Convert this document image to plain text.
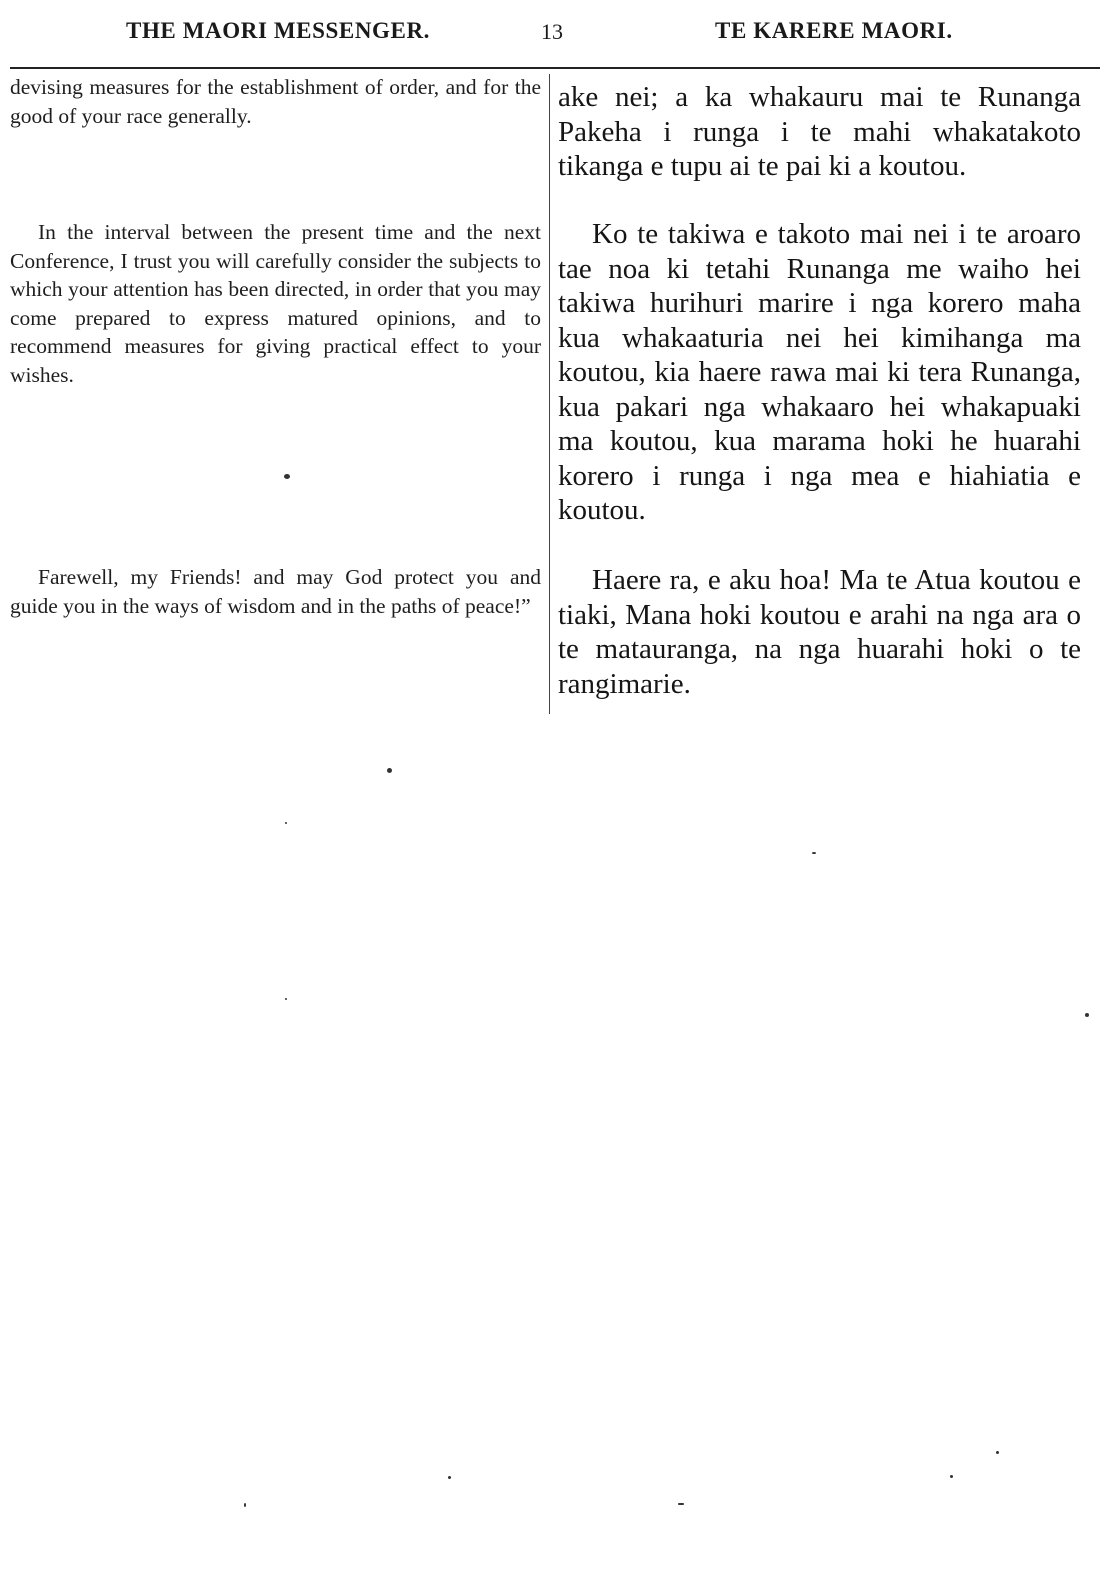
THE MAORI MESSENGER.	13	TE KARERE MAORI.

devising measures for the establishment of order, and for the good of your race generally.

In the interval between the present time and the next Conference, I trust you will carefully consider the subjects to which your attention has been directed, in order that you may come prepared to express matured opinions, and to recommend measures for giving practical effect to your wishes.

Farewell, my Friends! and may God protect you and guide you in the ways of wisdom and in the paths of peace!”

ake nei; a ka whakauru mai te Runanga Pakeha i runga i te mahi whakatakoto tikanga e tupu ai te pai ki a koutou.

Ko te takiwa e takoto mai nei i te aroaro tae noa ki tetahi Runanga me waiho hei takiwa hurihuri marire i nga korero maha kua whakaaturia nei hei kimihanga ma koutou, kia haere rawa mai ki tera Runanga, kua pakari nga whakaaro hei whakapuaki ma koutou, kua marama hoki he huarahi korero i runga i nga mea e hiahiatia e koutou.

Haere ra, e aku hoa! Ma te Atua koutou e tiaki, Mana hoki koutou e arahi na nga ara o te matauranga, na nga huarahi hoki o te rangimarie.
